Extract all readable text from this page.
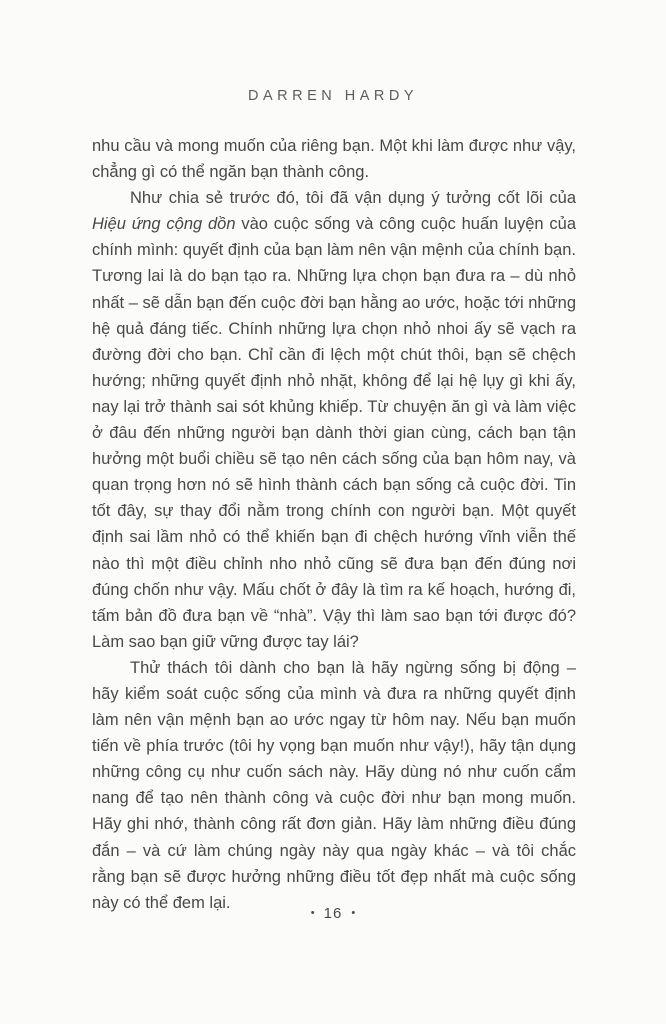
DARREN HARDY

nhu cầu và mong muốn của riêng bạn. Một khi làm được như vậy, chẳng gì có thể ngăn bạn thành công.

Như chia sẻ trước đó, tôi đã vận dụng ý tưởng cốt lõi của Hiệu ứng cộng dồn vào cuộc sống và công cuộc huấn luyện của chính mình: quyết định của bạn làm nên vận mệnh của chính bạn. Tương lai là do bạn tạo ra. Những lựa chọn bạn đưa ra – dù nhỏ nhất – sẽ dẫn bạn đến cuộc đời bạn hằng ao ước, hoặc tới những hệ quả đáng tiếc. Chính những lựa chọn nhỏ nhoi ấy sẽ vạch ra đường đời cho bạn. Chỉ cần đi lệch một chút thôi, bạn sẽ chệch hướng; những quyết định nhỏ nhặt, không để lại hệ lụy gì khi ấy, nay lại trở thành sai sót khủng khiếp. Từ chuyện ăn gì và làm việc ở đâu đến những người bạn dành thời gian cùng, cách bạn tận hưởng một buổi chiều sẽ tạo nên cách sống của bạn hôm nay, và quan trọng hơn nó sẽ hình thành cách bạn sống cả cuộc đời. Tin tốt đây, sự thay đổi nằm trong chính con người bạn. Một quyết định sai lầm nhỏ có thể khiến bạn đi chệch hướng vĩnh viễn thế nào thì một điều chỉnh nho nhỏ cũng sẽ đưa bạn đến đúng nơi đúng chốn như vậy. Mấu chốt ở đây là tìm ra kế hoạch, hướng đi, tấm bản đồ đưa bạn về “nhà”. Vậy thì làm sao bạn tới được đó? Làm sao bạn giữ vững được tay lái?

Thử thách tôi dành cho bạn là hãy ngừng sống bị động – hãy kiểm soát cuộc sống của mình và đưa ra những quyết định làm nên vận mệnh bạn ao ước ngay từ hôm nay. Nếu bạn muốn tiến về phía trước (tôi hy vọng bạn muốn như vậy!), hãy tận dụng những công cụ như cuốn sách này. Hãy dùng nó như cuốn cẩm nang để tạo nên thành công và cuộc đời như bạn mong muốn. Hãy ghi nhớ, thành công rất đơn giản. Hãy làm những điều đúng đắn – và cứ làm chúng ngày này qua ngày khác – và tôi chắc rằng bạn sẽ được hưởng những điều tốt đẹp nhất mà cuộc sống này có thể đem lại.

• 16 •
